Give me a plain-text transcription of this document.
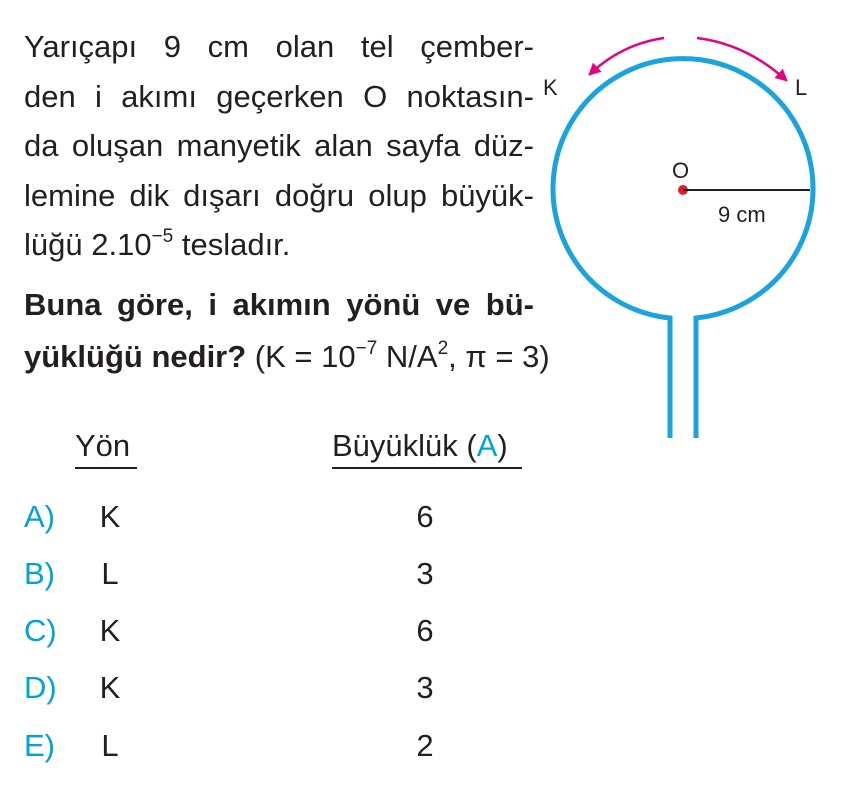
Yarıçapı 9 cm olan tel çember-
den i akımı geçerken O noktasın-
da oluşan manyetik alan sayfa düz-
lemine dik dışarı doğru olup büyük-
lüğü $2.10^{-5}$ tesladır.
Buna göre, i akımın yönü ve bü-
yüklüğü nedir? ($K = 10^{-7}$ $N/A^2$, π = 3)
Yön	Büyüklük (A)
A) K	6
B) L	3
C) K	6
D) K	3
E) L	2
K	L
O
9 cm
